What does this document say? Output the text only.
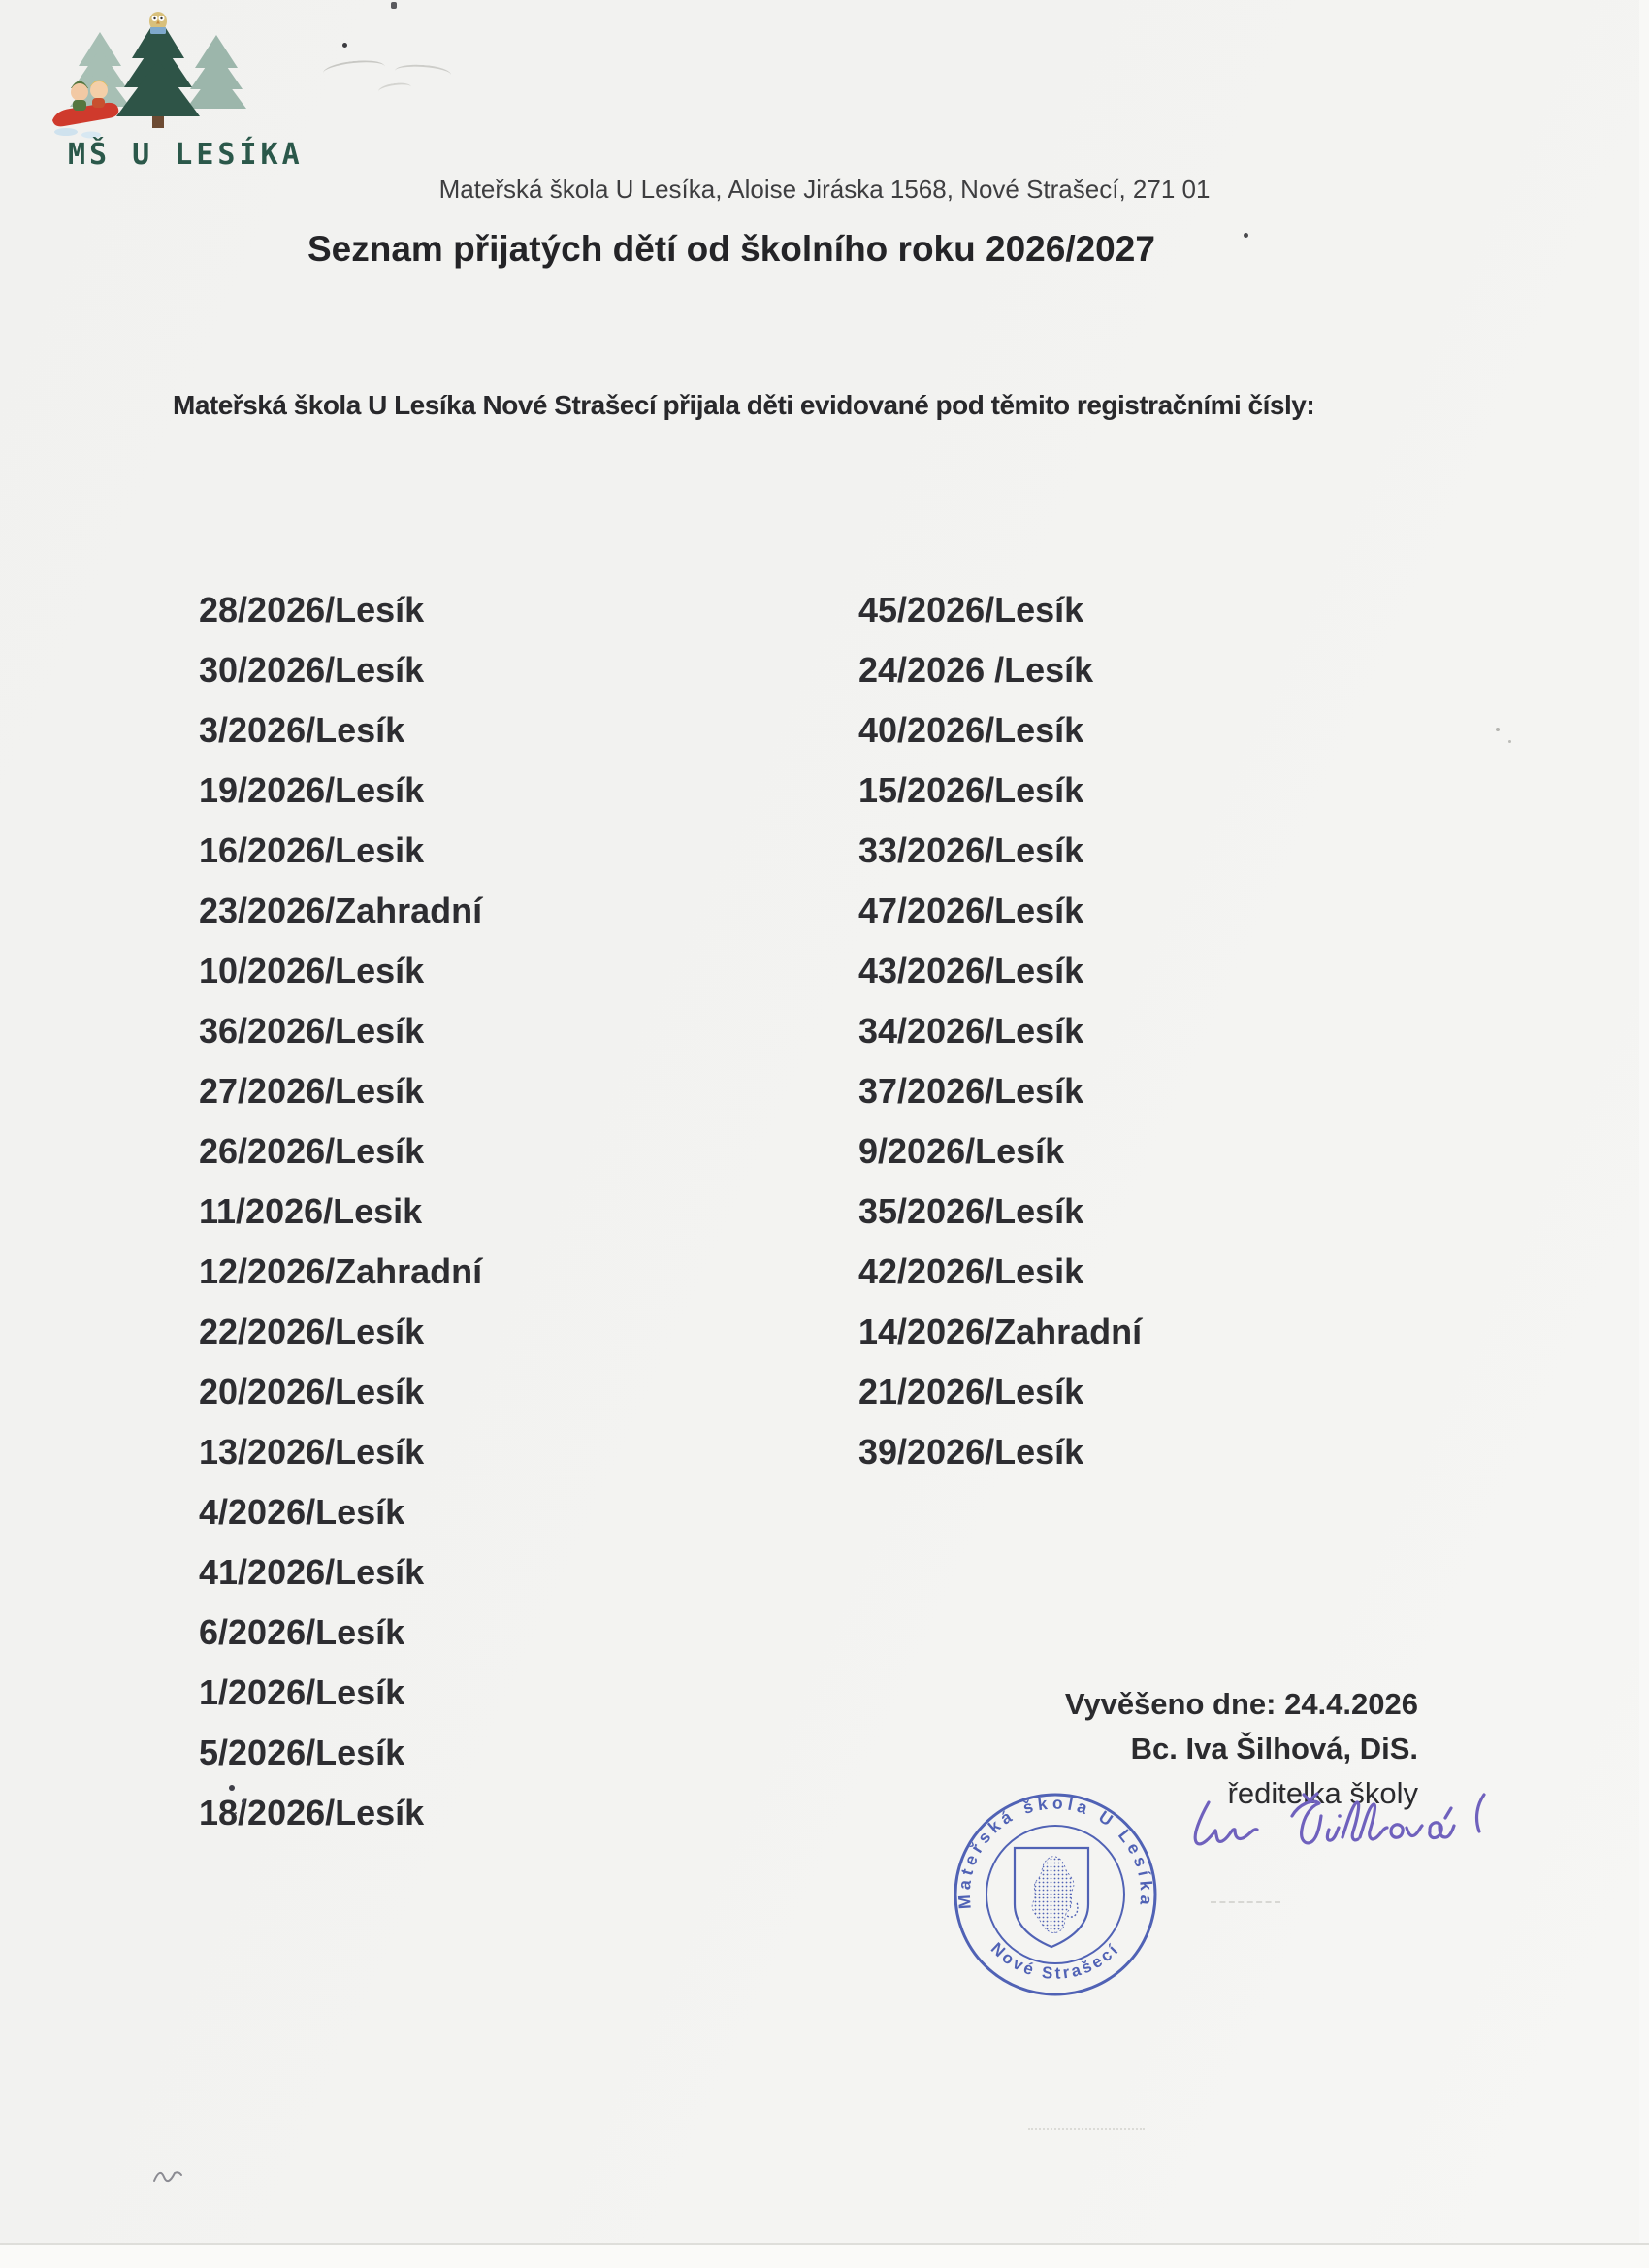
MŠ U LESÍKA
Mateřská škola U Lesíka, Aloise Jiráska 1568, Nové Strašecí, 271 01
Seznam přijatých dětí od školního roku 2026/2027

Mateřská škola U Lesíka Nové Strašecí přijala děti evidované pod těmito registračními čísly:

28/2026/Lesík
30/2026/Lesík
3/2026/Lesík
19/2026/Lesík
16/2026/Lesik
23/2026/Zahradní
10/2026/Lesík
36/2026/Lesík
27/2026/Lesík
26/2026/Lesík
11/2026/Lesik
12/2026/Zahradní
22/2026/Lesík
20/2026/Lesík
13/2026/Lesík
4/2026/Lesík
41/2026/Lesík
6/2026/Lesík
1/2026/Lesík
5/2026/Lesík
18/2026/Lesík
45/2026/Lesík
24/2026 /Lesík
40/2026/Lesík
15/2026/Lesík
33/2026/Lesík
47/2026/Lesík
43/2026/Lesík
34/2026/Lesík
37/2026/Lesík
9/2026/Lesík
35/2026/Lesík
42/2026/Lesik
14/2026/Zahradní
21/2026/Lesík
39/2026/Lesík
Vyvěšeno dne: 24.4.2026
Bc. Iva Šilhová, DiS.
ředitelka školy
Mateřská škola U Lesíka
Nové Strašecí
